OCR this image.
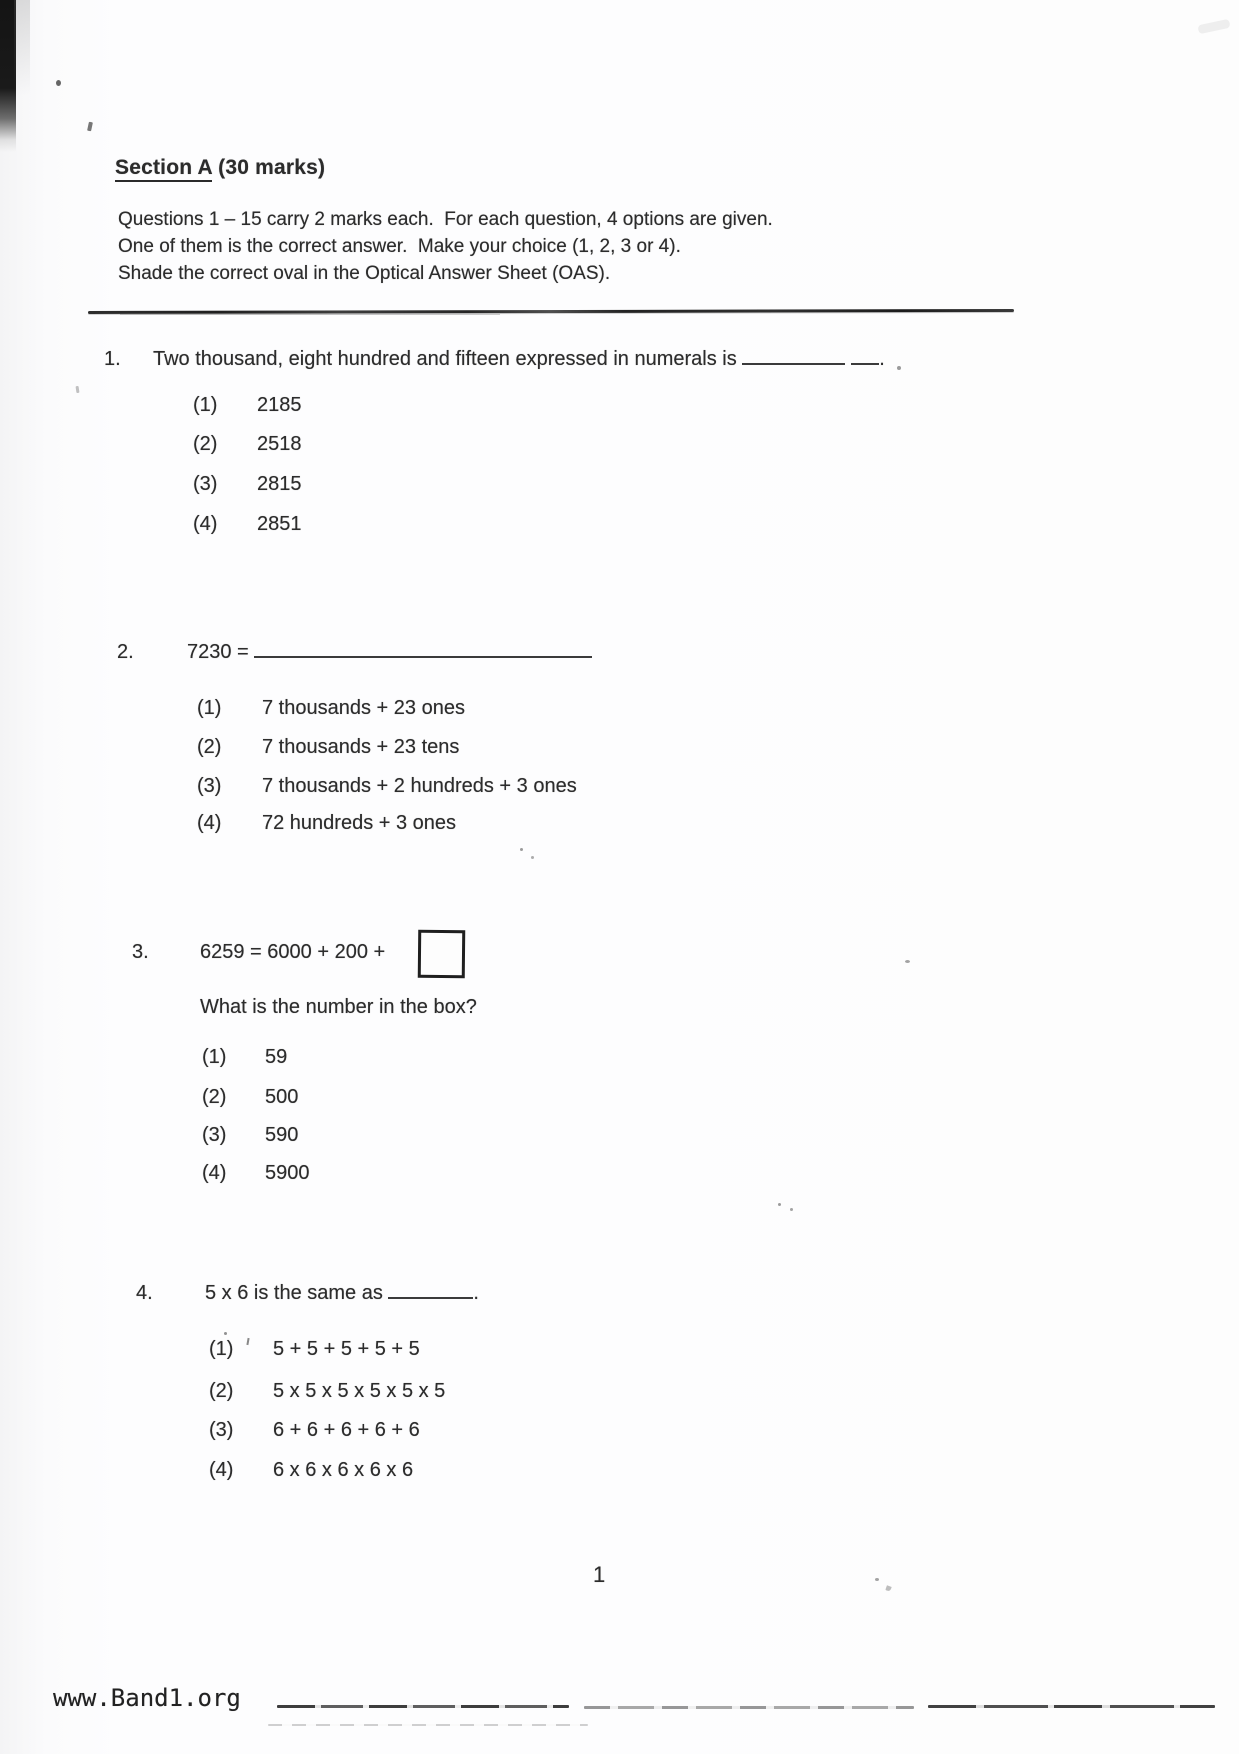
Section A (30 marks)
Questions 1 – 15 carry 2 marks each.  For each question, 4 options are given.
One of them is the correct answer.  Make your choice (1, 2, 3 or 4).
Shade the correct oval in the Optical Answer Sheet (OAS).
1. Two thousand, eight hundred and fifteen expressed in numerals is	.
(1)	2185
(2)	2518
(3)	2815
(4)	2851
2.	7230 =
(1)	7 thousands + 23 ones
(2)	7 thousands + 23 tens
(3)	7 thousands + 2 hundreds + 3 ones
(4)	72 hundreds + 3 ones
3.	6259 = 6000 + 200 +
What is the number in the box?
(1)	59
(2)	500
(3)	590
(4)	5900
4.	5 x 6 is the same as	.
(1)	5 + 5 + 5 + 5 + 5
(2)	5 x 5 x 5 x 5 x 5 x 5
(3)	6 + 6 + 6 + 6 + 6
(4)	6 x 6 x 6 x 6 x 6
1
www.Band1.org
